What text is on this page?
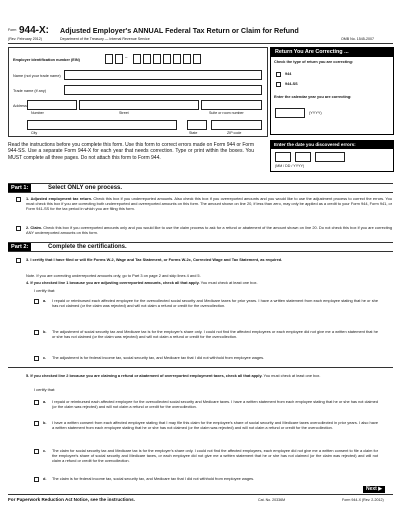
Form 944-X: Adjusted Employer's ANNUAL Federal Tax Return or Claim for Refund
(Rev. February 2012)	Department of the Treasury — Internal Revenue Service	OMB No. 1545-2007
Employer identification number (EIN)	–
Name (not your trade name)
Trade name (if any)
Address
Number	Street	Suite or room number
City	State	ZIP code
Return You Are Correcting ...
Check the type of return you are correcting:
944
944-SS
Enter the calendar year you are correcting:
(YYYY)
Read the instructions before you complete this form. Use this form to correct errors made on Form 944 or Form 944-SS. Use a separate Form 944-X for each year that needs correction. Type or print within the boxes. You MUST complete all three pages. Do not attach this form to Form 944.
Enter the date you discovered errors:
(MM / DD / YYYY)
Part 1:	Select ONLY one process.
1. Adjusted employment tax return. Check this box if you underreported amounts. Also check this box if you overreported amounts and you would like to use the adjustment process to correct the errors. You must check this box if you are correcting both underreported and overreported amounts on this form. The amount shown on line 20, if less than zero, may only be applied as a credit to your Form 944, Form 941, or Form 941-SS for the tax period in which you are filing this form.
2. Claim. Check this box if you overreported amounts only and you would like to use the claim process to ask for a refund or abatement of the amount shown on line 20. Do not check this box if you are correcting ANY underreported amounts on this form.
Part 2:	Complete the certifications.
3. I certify that I have filed or will file Forms W-2, Wage and Tax Statement, or Forms W-2c, Corrected Wage and Tax Statement, as required.
Note. If you are correcting underreported amounts only, go to Part 3 on page 2 and skip lines 4 and 5.
4. If you checked line 1 because you are adjusting overreported amounts, check all that apply. You must check at least one box.
I certify that:
a. I repaid or reimbursed each affected employee for the overcollected social security and Medicare taxes for prior years. I have a written statement from each employee stating that he or she has not claimed (or the claim was rejected) and will not claim a refund or credit for the overcollection.
b. The adjustment of social security tax and Medicare tax is for the employer's share only. I could not find the affected employees or each employee did not give me a written statement that he or she has not claimed (or the claim was rejected) and will not claim a refund or credit for the overcollection.
c. The adjustment is for federal income tax, social security tax, and Medicare tax that I did not withhold from employee wages.
5. If you checked line 2 because you are claiming a refund or abatement of overreported employment taxes, check all that apply. You must check at least one box.
I certify that:
a. I repaid or reimbursed each affected employee for the overcollected social security and Medicare taxes. I have a written statement from each employee stating that he or she has not claimed (or the claim was rejected) and will not claim a refund or credit for the overcollection.
b. I have a written consent from each affected employee stating that I may file this claim for the employee's share of social security and Medicare taxes overcollected in prior years. I also have a written statement from each employee stating that he or she has not claimed (or the claim was rejected) and will not claim a refund or credit for the overcollection.
c. The claim for social security tax and Medicare tax is for the employer's share only. I could not find the affected employees, each employee did not give me a written consent to file a claim for the employee's share of social security and Medicare taxes, or each employee did not give me a written statement that he or she has not claimed (or the claim was rejected) and will not claim a refund or credit for the overcollection.
d. The claim is for federal income tax, social security tax, and Medicare tax that I did not withhold from employee wages.
Next ▶
For Paperwork Reduction Act Notice, see the instructions.	Cat. No. 20336M	Form 944-X (Rev. 2-2012)
